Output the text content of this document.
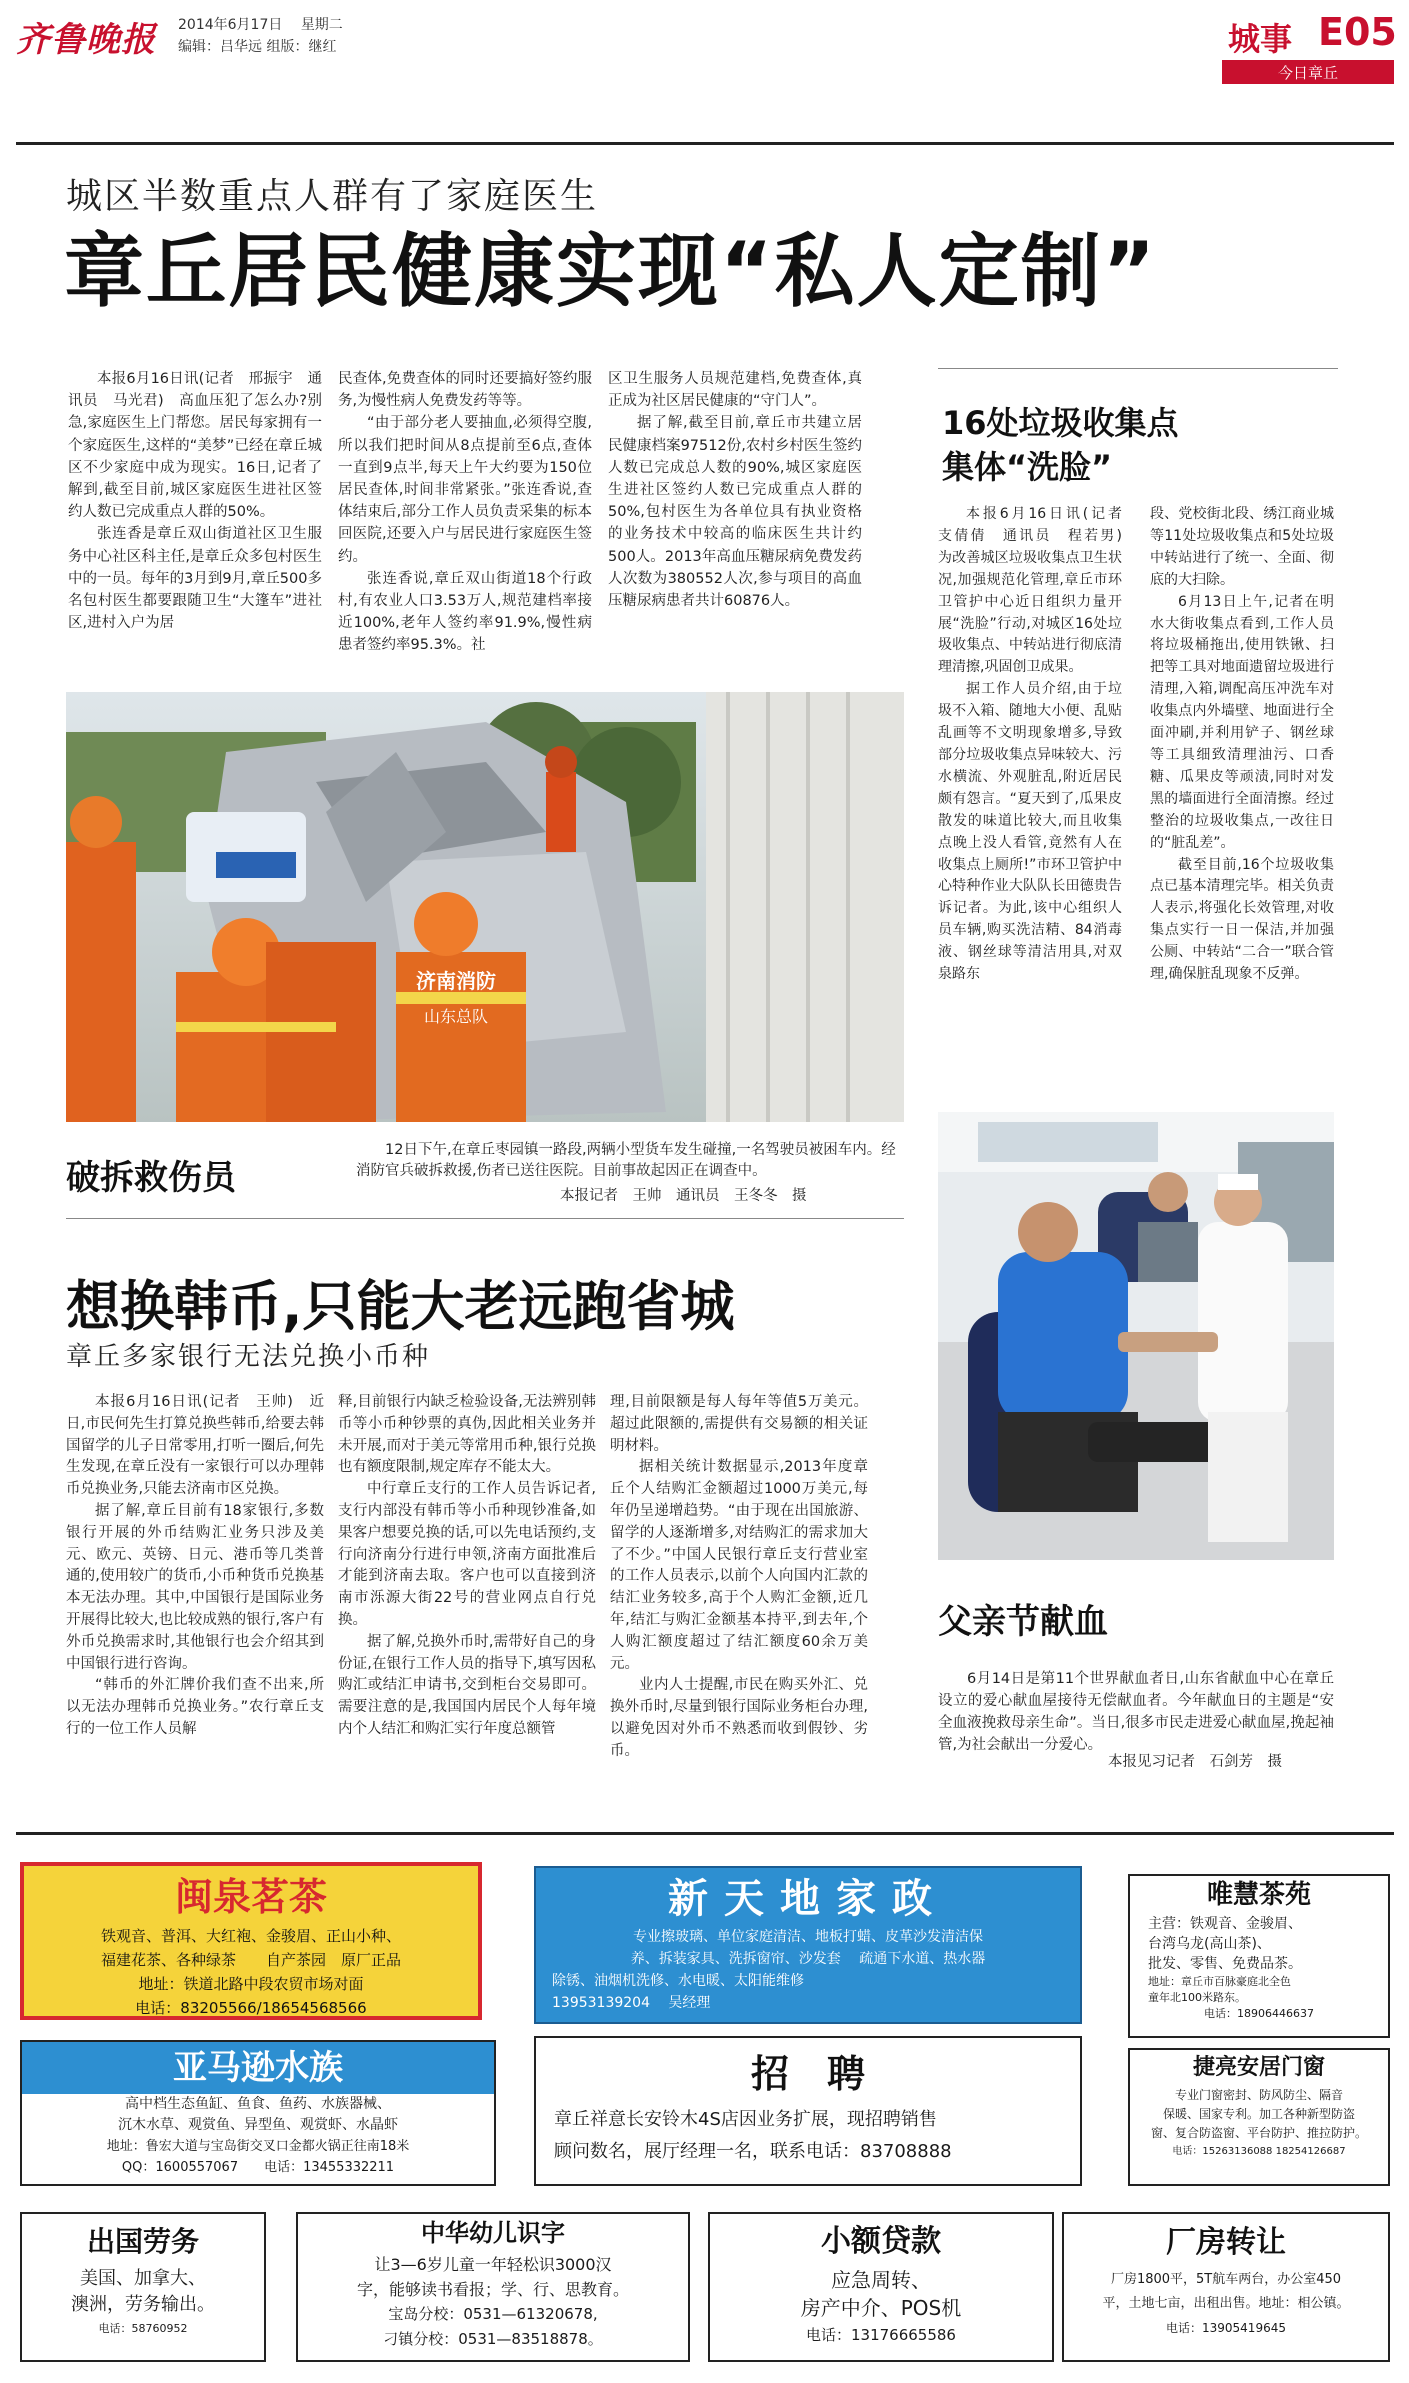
齐鲁晚报 2014年6月17日 星期二
编辑：吕华远 组版：继红	城事 E05
今日章丘
城区半数重点人群有了家庭医生
章丘居民健康实现“私人定制”

本报6月16日讯(记者　邢振宇　通讯员　马光君)　高血压犯了怎么办?别急,家庭医生上门帮您。居民每家拥有一个家庭医生,这样的“美梦”已经在章丘城区不少家庭中成为现实。16日,记者了解到,截至目前,城区家庭医生进社区签约人数已完成重点人群的50%。

张连香是章丘双山街道社区卫生服务中心社区科主任,是章丘众多包村医生中的一员。每年的3月到9月,章丘500多名包村医生都要跟随卫生“大篷车”进社区,进村入户为居

民查体,免费查体的同时还要搞好签约服务,为慢性病人免费发药等等。

“由于部分老人要抽血,必须得空腹,所以我们把时间从8点提前至6点,查体一直到9点半,每天上午大约要为150位居民查体,时间非常紧张。”张连香说,查体结束后,部分工作人员负责采集的标本回医院,还要入户与居民进行家庭医生签约。

张连香说,章丘双山街道18个行政村,有农业人口3.53万人,规范建档率接近100%,老年人签约率91.9%,慢性病患者签约率95.3%。社

区卫生服务人员规范建档,免费查体,真正成为社区居民健康的“守门人”。

据了解,截至目前,章丘市共建立居民健康档案97512份,农村乡村医生签约人数已完成总人数的90%,城区家庭医生进社区签约人数已完成重点人群的50%,包村医生为各单位具有执业资格的业务技术中较高的临床医生共计约500人。2013年高血压糖尿病免费发药人次数为380552人次,参与项目的高血压糖尿病患者共计60876人。

16处垃圾收集点
集体“洗脸”

本报6月16日讯(记者　支倩倩　通讯员　程若男)　为改善城区垃圾收集点卫生状况,加强规范化管理,章丘市环卫管护中心近日组织力量开展“洗脸”行动,对城区16处垃圾收集点、中转站进行彻底清理清擦,巩固创卫成果。

据工作人员介绍,由于垃圾不入箱、随地大小便、乱贴乱画等不文明现象增多,导致部分垃圾收集点异味较大、污水横流、外观脏乱,附近居民颇有怨言。“夏天到了,瓜果皮散发的味道比较大,而且收集点晚上没人看管,竟然有人在收集点上厕所!”市环卫管护中心特种作业大队队长田德贵告诉记者。为此,该中心组织人员车辆,购买洗洁精、84消毒液、钢丝球等清洁用具,对双泉路东

段、党校街北段、绣江商业城等11处垃圾收集点和5处垃圾中转站进行了统一、全面、彻底的大扫除。

6月13日上午,记者在明水大街收集点看到,工作人员将垃圾桶拖出,使用铁锹、扫把等工具对地面遗留垃圾进行清理,入箱,调配高压冲洗车对收集点内外墙壁、地面进行全面冲刷,并利用铲子、钢丝球等工具细致清理油污、口香糖、瓜果皮等顽渍,同时对发黑的墙面进行全面清擦。经过整治的垃圾收集点,一改往日的“脏乱差”。

截至目前,16个垃圾收集点已基本清理完毕。相关负责人表示,将强化长效管理,对收集点实行一日一保洁,并加强公厕、中转站“二合一”联合管理,确保脏乱现象不反弹。

济南消防
山东总队
破拆救伤员
12日下午,在章丘枣园镇一路段,两辆小型货车发生碰撞,一名驾驶员被困车内。经消防官兵破拆救援,伤者已送往医院。目前事故起因正在调查中。
本报记者　王帅　通讯员　王冬冬　摄
想换韩币,只能大老远跑省城
章丘多家银行无法兑换小币种

本报6月16日讯(记者　王帅)　近日,市民何先生打算兑换些韩币,给要去韩国留学的儿子日常零用,打听一圈后,何先生发现,在章丘没有一家银行可以办理韩币兑换业务,只能去济南市区兑换。

据了解,章丘目前有18家银行,多数银行开展的外币结购汇业务只涉及美元、欧元、英镑、日元、港币等几类普通的,使用较广的货币,小币种货币兑换基本无法办理。其中,中国银行是国际业务开展得比较大,也比较成熟的银行,客户有外币兑换需求时,其他银行也会介绍其到中国银行进行咨询。

“韩币的外汇牌价我们查不出来,所以无法办理韩币兑换业务。”农行章丘支行的一位工作人员解

释,目前银行内缺乏检验设备,无法辨别韩币等小币种钞票的真伪,因此相关业务并未开展,而对于美元等常用币种,银行兑换也有额度限制,规定库存不能太大。

中行章丘支行的工作人员告诉记者,支行内部没有韩币等小币种现钞准备,如果客户想要兑换的话,可以先电话预约,支行向济南分行进行申领,济南方面批准后才能到济南去取。客户也可以直接到济南市泺源大街22号的营业网点自行兑换。

据了解,兑换外币时,需带好自己的身份证,在银行工作人员的指导下,填写因私购汇或结汇申请书,交到柜台交易即可。需要注意的是,我国国内居民个人每年境内个人结汇和购汇实行年度总额管

理,目前限额是每人每年等值5万美元。超过此限额的,需提供有交易额的相关证明材料。

据相关统计数据显示,2013年度章丘个人结购汇金额超过1000万美元,每年仍呈递增趋势。“由于现在出国旅游、留学的人逐渐增多,对结购汇的需求加大了不少。”中国人民银行章丘支行营业室的工作人员表示,以前个人向国内汇款的结汇业务较多,高于个人购汇金额,近几年,结汇与购汇金额基本持平,到去年,个人购汇额度超过了结汇额度60余万美元。

业内人士提醒,市民在购买外汇、兑换外币时,尽量到银行国际业务柜台办理,以避免因对外币不熟悉而收到假钞、劣币。

父亲节献血
6月14日是第11个世界献血者日,山东省献血中心在章丘设立的爱心献血屋接待无偿献血者。今年献血日的主题是“安全血液挽救母亲生命”。当日,很多市民走进爱心献血屋,挽起袖管,为社会献出一分爱心。
本报见习记者　石剑芳　摄
闽泉茗茶
铁观音、普洱、大红袍、金骏眉、正山小种、
福建花茶、各种绿茶　　自产茶园　原厂正品
地址：铁道北路中段农贸市场对面
电话：83205566/18654568566
新天地家政
专业擦玻璃、单位家庭清洁、地板打蜡、皮革沙发清洁保
养、拆装家具、洗拆窗帘、沙发套　 疏通下水道、热水器
除锈、油烟机洗修、水电暖、太阳能维修
13953139204　 吴经理
唯慧茶苑
主营：铁观音、金骏眉、
台湾乌龙(高山茶)、
批发、零售、免费品茶。
地址：章丘市百脉豪庭北全色
童年北100米路东。
电话：18906446637
亚马逊水族
高中档生态鱼缸、鱼食、鱼药、水族器械、
沉木水草、观赏鱼、异型鱼、观赏虾、水晶虾
地址：鲁宏大道与宝岛街交叉口金都火锅正往南18米
QQ：1600557067　　电话：13455332211
招　聘
章丘祥意长安铃木4S店因业务扩展，现招聘销售
顾问数名，展厅经理一名，联系电话：83708888
捷亮安居门窗
专业门窗密封、防风防尘、隔音
保暖、国家专利。加工各种新型防盗
窗、复合防盗窗、平台防护、推拉防护。
电话：15263136088 18254126687
出国劳务
美国、加拿大、
澳洲，劳务输出。
电话：58760952
中华幼儿识字
让3—6岁儿童一年轻松识3000汉
字，能够读书看报；学、行、思教育。
宝岛分校：0531—61320678,
刁镇分校：0531—83518878。
小额贷款
应急周转、
房产中介、POS机
电话：13176665586
厂房转让
厂房1800平，5T航车两台，办公室450
平，土地七亩，出租出售。地址：相公镇。
电话：13905419645
